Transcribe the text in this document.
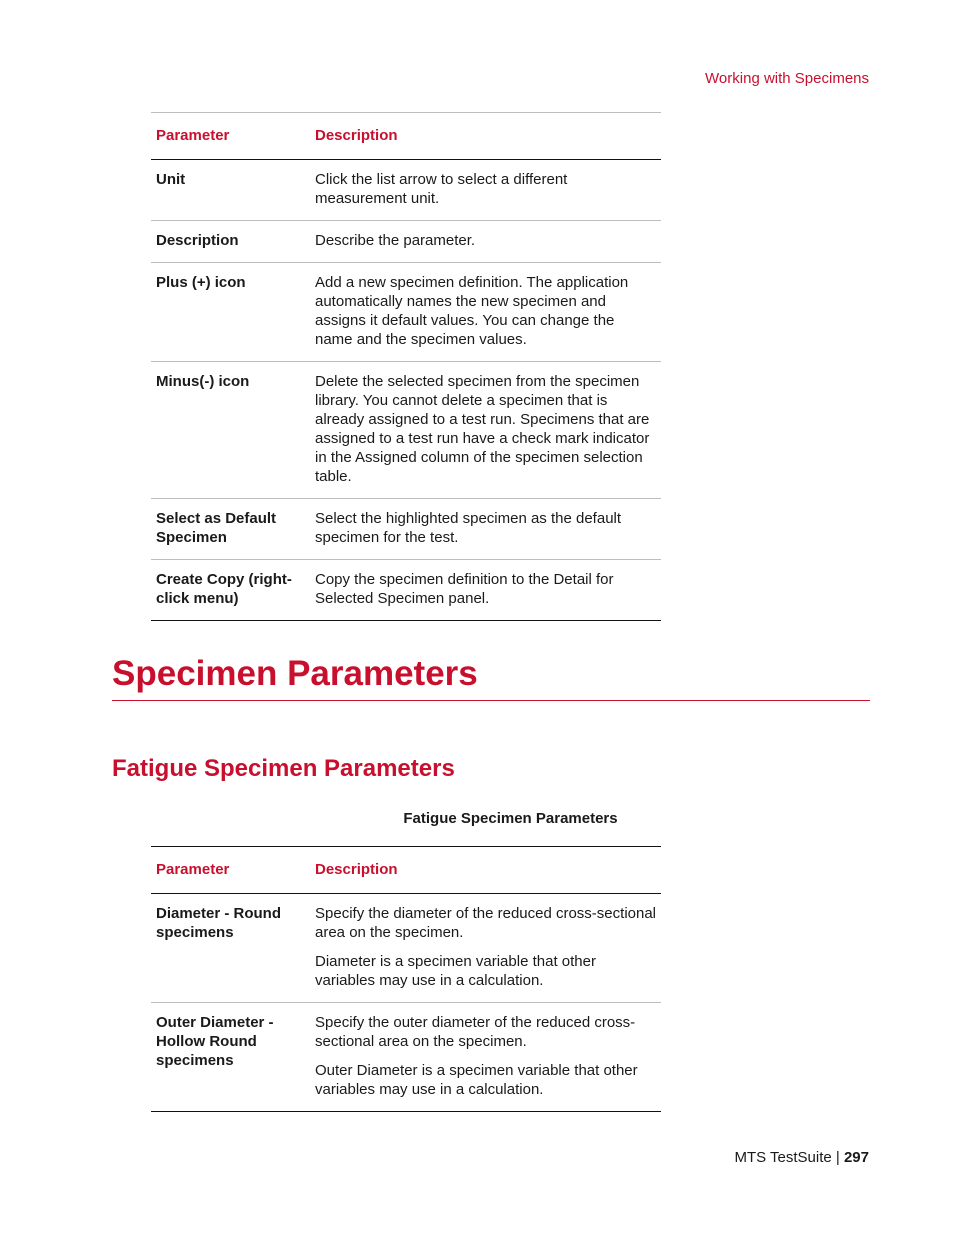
Working with Specimens
Parameter	Description
Unit	Click the list arrow to select a different measurement unit.

Description	Describe the parameter.

Plus (+) icon	Add a new specimen definition. The application automatically names the new specimen and assigns it default values. You can change the name and the specimen values.

Minus(-) icon	Delete the selected specimen from the specimen library. You cannot delete a specimen that is already assigned to a test run. Specimens that are assigned to a test run have a check mark indicator in the Assigned column of the specimen selection table.

Select as Default Specimen	Select the highlighted specimen as the default specimen for the test.

Create Copy (right-click menu)	Copy the specimen definition to the Detail for Selected Specimen panel.

Specimen Parameters
Fatigue Specimen Parameters
Fatigue Specimen Parameters
Parameter	Description
Diameter - Round specimens	Specify the diameter of the reduced cross-sectional area on the specimen.

Diameter is a specimen variable that other variables may use in a calculation.

Outer Diameter - Hollow Round specimens	Specify the outer diameter of the reduced cross-sectional area on the specimen.

Outer Diameter is a specimen variable that other variables may use in a calculation.

MTS TestSuite | 297
